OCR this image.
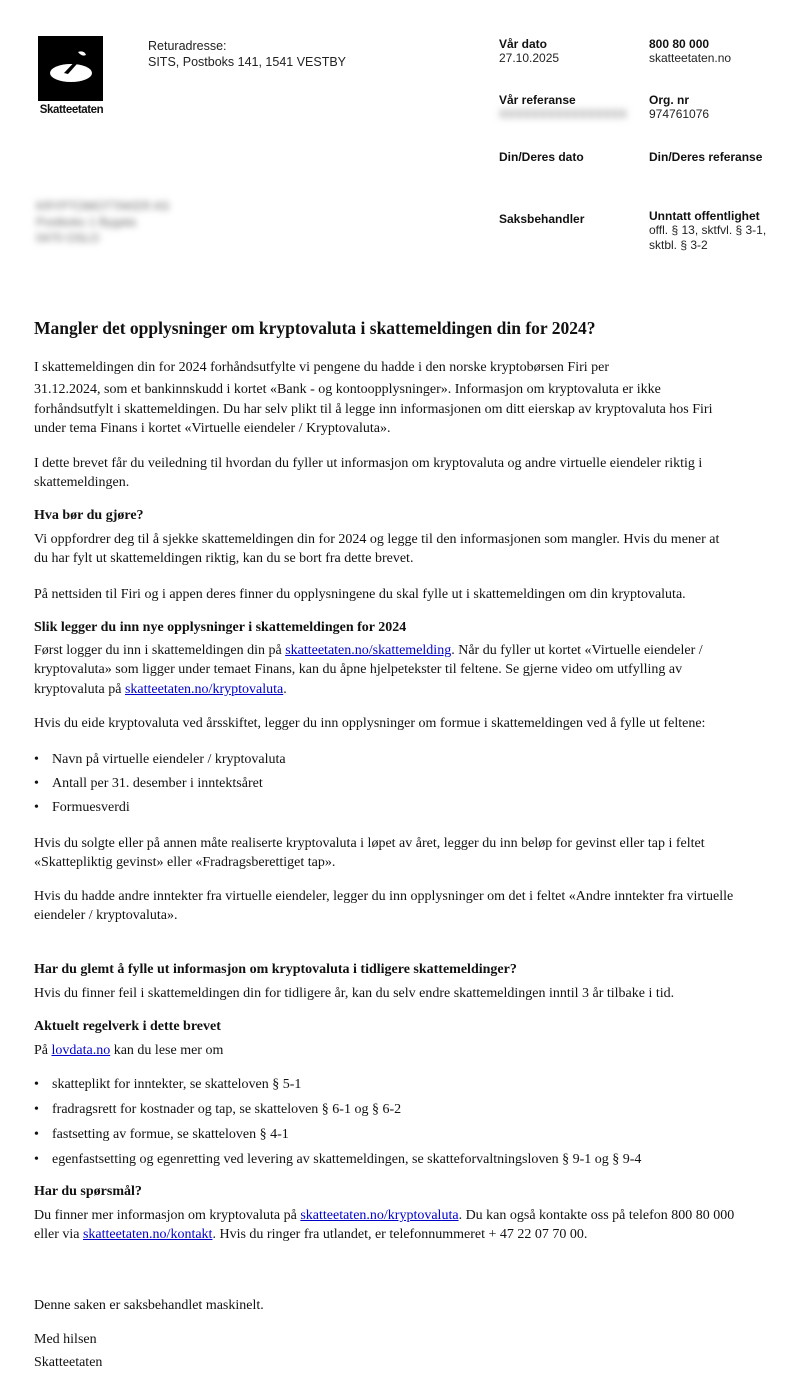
Skatteetaten
Returadresse:
SITS, Postboks 141, 1541 VESTBY
Vår dato
27.10.2025
800 80 000
skatteetaten.no
Vår referanse
XXXXXXXXXXXXXXXX
Org. nr
974761076
Din/Deres dato	Din/Deres referanse
KRYPTOMOTTAKER AS
Postboks 1 Bygata
0470 OSLO
Saksbehandler	Unntatt offentlighet
offl. § 13, sktfvl. § 3-1,
sktbl. § 3-2
Mangler det opplysninger om kryptovaluta i skattemeldingen din for 2024?
I skattemeldingen din for 2024 forhåndsutfylte vi pengene du hadde i den norske kryptobørsen Firi per
31.12.2024, som et bankinnskudd i kortet «Bank - og kontoopplysninger». Informasjon om kryptovaluta er ikke
forhåndsutfylt i skattemeldingen. Du har selv plikt til å legge inn informasjonen om ditt eierskap av kryptovaluta hos Firi
under tema Finans i kortet «Virtuelle eiendeler / Kryptovaluta».
I dette brevet får du veiledning til hvordan du fyller ut informasjon om kryptovaluta og andre virtuelle eiendeler riktig i
skattemeldingen.
Hva bør du gjøre?
Vi oppfordrer deg til å sjekke skattemeldingen din for 2024 og legge til den informasjonen som mangler. Hvis du mener at
du har fylt ut skattemeldingen riktig, kan du se bort fra dette brevet.
På nettsiden til Firi og i appen deres finner du opplysningene du skal fylle ut i skattemeldingen om din kryptovaluta.
Slik legger du inn nye opplysninger i skattemeldingen for 2024
Først logger du inn i skattemeldingen din på skatteetaten.no/skattemelding. Når du fyller ut kortet «Virtuelle eiendeler /
kryptovaluta» som ligger under temaet Finans, kan du åpne hjelpetekster til feltene. Se gjerne video om utfylling av
kryptovaluta på skatteetaten.no/kryptovaluta.
Hvis du eide kryptovaluta ved årsskiftet, legger du inn opplysninger om formue i skattemeldingen ved å fylle ut feltene:
• Navn på virtuelle eiendeler / kryptovaluta
• Antall per 31. desember i inntektsåret
• Formuesverdi
Hvis du solgte eller på annen måte realiserte kryptovaluta i løpet av året, legger du inn beløp for gevinst eller tap i feltet
«Skattepliktig gevinst» eller «Fradragsberettiget tap».
Hvis du hadde andre inntekter fra virtuelle eiendeler, legger du inn opplysninger om det i feltet «Andre inntekter fra virtuelle
eiendeler / kryptovaluta».
Har du glemt å fylle ut informasjon om kryptovaluta i tidligere skattemeldinger?
Hvis du finner feil i skattemeldingen din for tidligere år, kan du selv endre skattemeldingen inntil 3 år tilbake i tid.
Aktuelt regelverk i dette brevet
På lovdata.no kan du lese mer om
• skatteplikt for inntekter, se skatteloven § 5-1
• fradragsrett for kostnader og tap, se skatteloven § 6-1 og § 6-2
• fastsetting av formue, se skatteloven § 4-1
• egenfastsetting og egenretting ved levering av skattemeldingen, se skatteforvaltningsloven § 9-1 og § 9-4
Har du spørsmål?
Du finner mer informasjon om kryptovaluta på skatteetaten.no/kryptovaluta. Du kan også kontakte oss på telefon 800 80 000
eller via skatteetaten.no/kontakt. Hvis du ringer fra utlandet, er telefonnummeret + 47 22 07 70 00.
Denne saken er saksbehandlet maskinelt.
Med hilsen
Skatteetaten
